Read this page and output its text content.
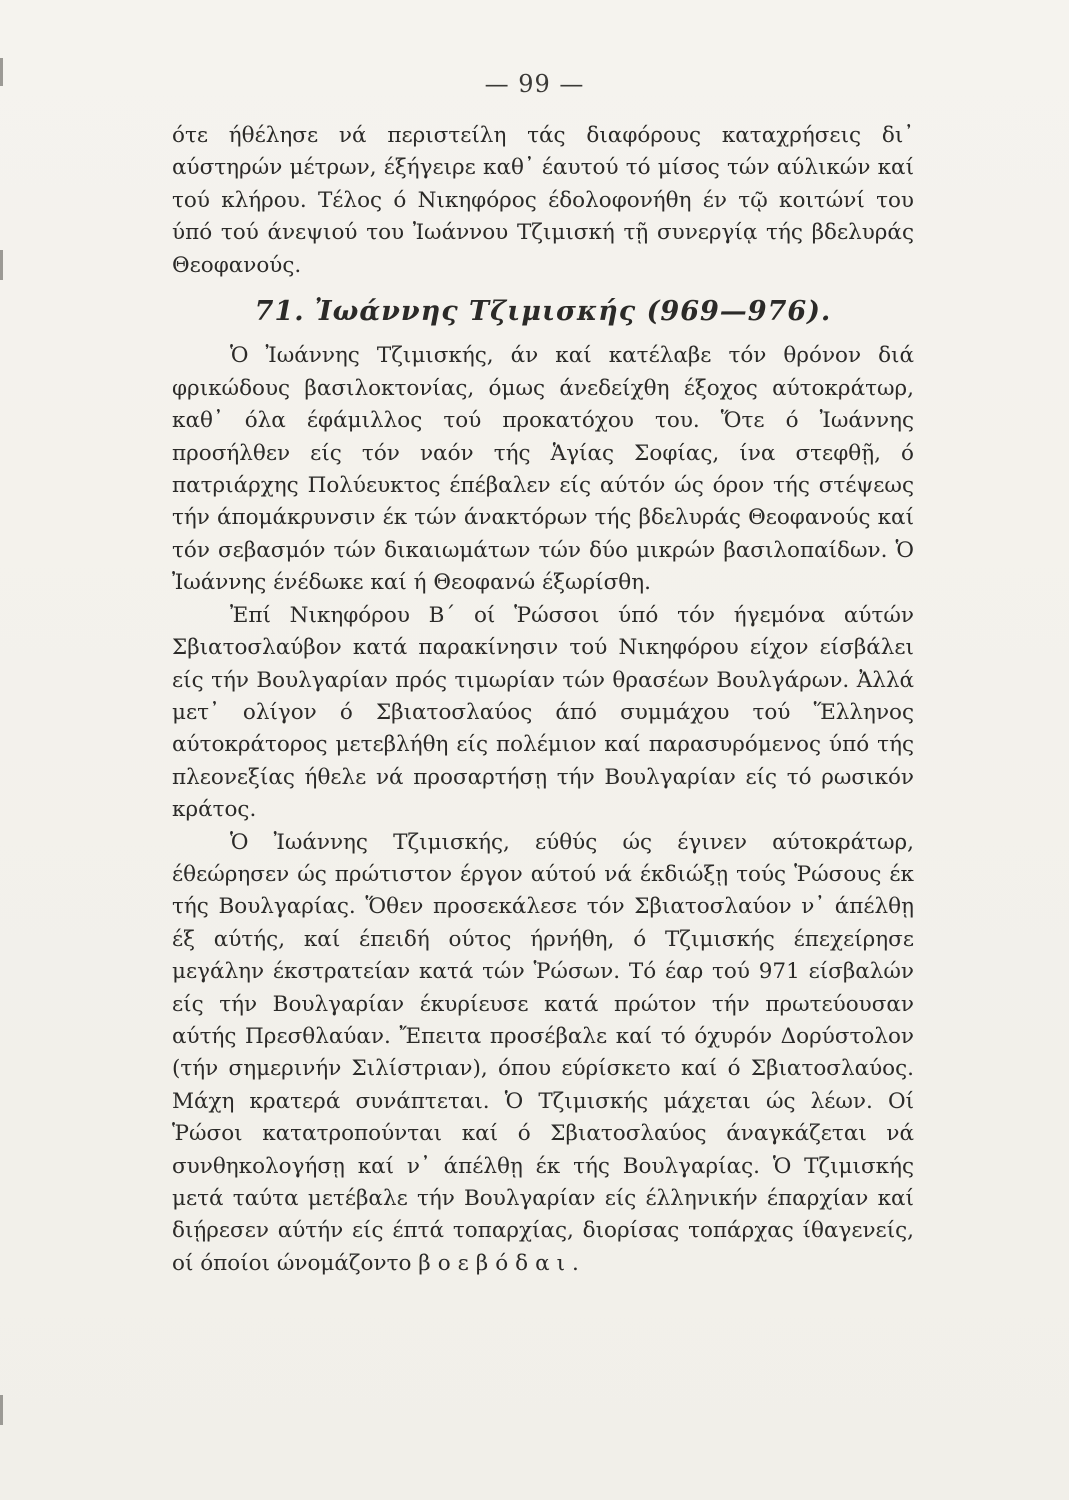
— 99 —

ότε ήθέλησε νά περιστείλη τάς διαφόρους καταχρήσεις δι᾽ αύστηρών μέτρων, έξήγειρε καθ᾽ έαυτού τό μίσος τών αύλικών καί τού κλήρου. Τέλος ό Νικηφόρος έδολοφονήθη έν τῷ κοιτώνί του ύπό τού άνεψιού του Ἰωάννου Τζιμισκή τῇ συνεργίᾳ τής βδελυράς Θεοφανούς.

71. Ἰωάννης Τζιμισκής (969—976).

Ὁ Ἰωάννης Τζιμισκής, άν καί κατέλαβε τόν θρόνον διά φρικώδους βασιλοκτονίας, όμως άνεδείχθη έξοχος αύτοκράτωρ, καθ᾽ όλα έφάμιλλος τού προκατόχου του. Ὅτε ό Ἰωάννης προσήλθεν είς τόν ναόν τής Ἁγίας Σοφίας, ίνα στεφθῇ, ό πατριάρχης Πολύευκτος έπέβαλεν είς αύτόν ώς όρον τής στέψεως τήν άπομάκρυνσιν έκ τών άνακτόρων τής βδελυράς Θεοφανούς καί τόν σεβασμόν τών δικαιωμάτων τών δύο μικρών βασιλοπαίδων. Ὁ Ἰωάννης ένέδωκε καί ή Θεοφανώ έξωρίσθη.

Ἐπί Νικηφόρου Β΄ οί Ῥώσσοι ύπό τόν ήγεμόνα αύτών Σβιατοσλαύβον κατά παρακίνησιν τού Νικηφόρου είχον είσβάλει είς τήν Βουλγαρίαν πρός τιμωρίαν τών θρασέων Βουλγάρων. Ἀλλά μετ᾽ ολίγον ό Σβιατοσλαύος άπό συμμάχου τού Ἕλληνος αύτοκράτορος μετεβλήθη είς πολέμιον καί παρασυρόμενος ύπό τής πλεονεξίας ήθελε νά προσαρτήσῃ τήν Βουλγαρίαν είς τό ρωσικόν κράτος.

Ὁ Ἰωάννης Τζιμισκής, εύθύς ώς έγινεν αύτοκράτωρ, έθεώρησεν ώς πρώτιστον έργον αύτού νά έκδιώξῃ τούς Ῥώσους έκ τής Βουλγαρίας. Ὅθεν προσεκάλεσε τόν Σβιατοσλαύον ν᾽ άπέλθῃ έξ αύτής, καί έπειδή ούτος ήρνήθη, ό Τζιμισκής έπεχείρησε μεγάλην έκστρατείαν κατά τών Ῥώσων. Τό έαρ τού 971 είσβαλών είς τήν Βουλγαρίαν έκυρίευσε κατά πρώτον τήν πρωτεύουσαν αύτής Πρεσθλαύαν. Ἔπειτα προσέβαλε καί τό όχυρόν Δορύστολον (τήν σημερινήν Σιλίστριαν), όπου εύρίσκετο καί ό Σβιατοσλαύος. Μάχη κρατερά συνάπτεται. Ὁ Τζιμισκής μάχεται ώς λέων. Οί Ῥώσοι κατατροπούνται καί ό Σβιατοσλαύος άναγκάζεται νά συνθηκολογήσῃ καί ν᾽ άπέλθῃ έκ τής Βουλγαρίας. Ὁ Τζιμισκής μετά ταύτα μετέβαλε τήν Βουλγαρίαν είς έλληνικήν έπαρχίαν καί διῄρεσεν αύτήν είς έπτά τοπαρχίας, διορίσας τοπάρχας ίθαγενείς, οί όποίοι ώνομάζοντο βοεβόδαι.
